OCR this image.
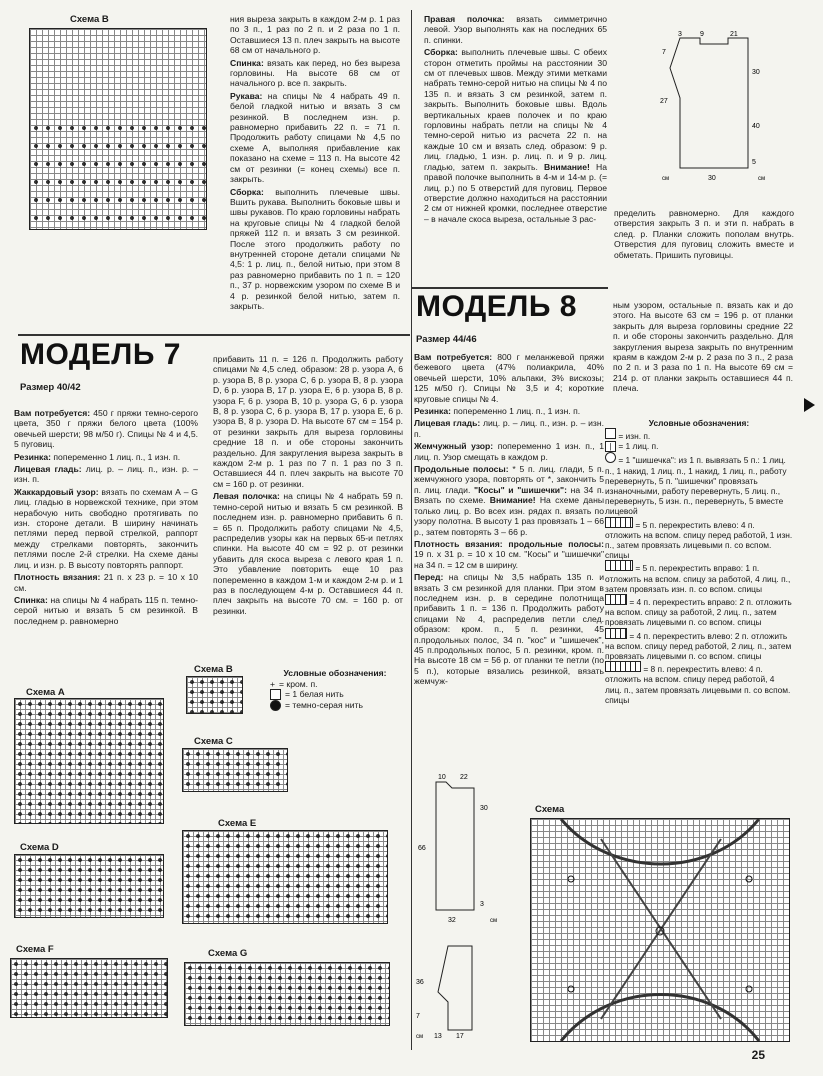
Схема B	ния выреза закрыть в каждом 2-м р. 1 раз по 3 п., 1 раз по 2 п. и 2 раза по 1 п. Оставшиеся 13 п. плеч закрыть на высоте 68 см от начального р.

Спинка: вязать как перед, но без выреза горловины. На высоте 68 см от начального р. все п. закрыть.

Рукава: на спицы № 4 набрать 49 п. белой гладкой нитью и вязать 3 см резинкой. В последнем изн. р. равномерно прибавить 22 п. = 71 п. Продолжить работу спицами № 4,5 по схеме А, выполняя прибавление как показано на схеме = 113 п. На высоте 42 см от резинки (= конец схемы) все п. закрыть.

Сборка: выполнить плечевые швы. Вшить рукава. Выполнить боковые швы и швы рукавов. По краю горловины набрать на круговые спицы № 4 гладкой белой пряжей 112 п. и вязать 3 см резинкой. После этого продолжить работу по внутренней стороне детали спицами № 4,5: 1 р. лиц. п., белой нитью, при этом 8 раз равномерно прибавить по 1 п. = 120 п., 37 р. норвежским узором по схеме В и 4 р. резинкой белой нитью, затем п. закрыть.

Правая полочка: вязать симметрично левой. Узор выполнять как на последних 65 п. спинки.

Сборка: выполнить плечевые швы. С обеих сторон отметить проймы на расстоянии 30 см от плечевых швов. Между этими метками набрать темно-серой нитью на спицы № 4 по 135 п. и вязать 3 см резинкой, затем п. закрыть. Выполнить боковые швы. Вдоль вертикальных краев полочек и по краю горловины набрать петли на спицы № 4 темно-серой нитью из расчета 22 п. на каждые 10 см и вязать след. образом: 9 р. лиц. гладью, 1 изн. р. лиц. п. и 9 р. лиц. гладью, затем п. закрыть. Внимание! На правой полочке выполнить в 4-м и 14-м р. (= лиц. р.) по 5 отверстий для пуговиц. Первое отверстие должно находиться на расстоянии 2 см от нижней кромки, последнее отверстие – в начале скоса выреза, остальные 3 рас-

3	9	21
7
27
30
40
5
30
см	см
пределить равномерно. Для каждого отверстия закрыть 3 п. и эти п. набрать в след. р. Планки сложить пополам внутрь. Отверстия для пуговиц сложить вместе и обметать. Пришить пуговицы.
МОДЕЛЬ 7
Размер 40/42

Вам потребуется: 450 г пряжи темно-серого цвета, 350 г пряжи белого цвета (100% овечьей шерсти; 98 м/50 г). Спицы № 4 и 4,5. 5 пуговиц.

Резинка: попеременно 1 лиц. п., 1 изн. п.

Лицевая гладь: лиц. р. – лиц. п., изн. р. – изн. п.

Жаккардовый узор: вязать по схемам А – G лиц. гладью в норвежской технике, при этом нерабочую нить свободно протягивать по изн. стороне детали. В ширину начинать петлями перед первой стрелкой, раппорт между стрелками повторять, закончить петлями после 2-й стрелки. На схеме даны лиц. и изн. р. В высоту повторять раппорт.

Плотность вязания: 21 п. x 23 р. = 10 x 10 см.

Спинка: на спицы № 4 набрать 115 п. темно-серой нитью и вязать 5 см резинкой. В последнем р. равномерно

прибавить 11 п. = 126 п. Продолжить работу спицами № 4,5 след. образом: 28 р. узора А, 6 р. узора В, 8 р. узора С, 6 р. узора В, 8 р. узора D, 6 р. узора В, 17 р. узора Е, 6 р. узора В, 8 р. узора F, 6 р. узора В, 10 р. узора G, 6 р. узора В, 8 р. узора С, 6 р. узора В, 17 р. узора Е, 6 р. узора В, 8 р. узора D. На высоте 67 см = 154 р. от резинки закрыть для выреза горловины средние 18 п. и обе стороны закончить раздельно. Для закругления выреза закрыть в каждом 2-м р. 1 раз по 7 п. 1 раз по 3 п. Оставшиеся 44 п. плеч закрыть на высоте 70 см = 160 р. от резинки.

Левая полочка: на спицы № 4 набрать 59 п. темно-серой нитью и вязать 5 см резинкой. В последнем изн. р. равномерно прибавить 6 п. = 65 п. Продолжить работу спицами № 4,5, распределив узоры как на первых 65-и петлях спинки. На высоте 40 см = 92 р. от резинки убавить для скоса выреза с левого края 1 п. Это убавление повторить еще 10 раз попеременно в каждом 1-м и каждом 2-м р. и 1 раз в последующем 4-м р. Оставшиеся 44 п. плеч закрыть на высоте 70 см. = 160 р. от резинки.

Схема А
Схема В
Схема С
Схема D
Схема E
Схема F	Схема G
Условные обозначения:
+ = кром. п.
= 1 белая нить
= темно-серая нить
МОДЕЛЬ 8
Размер 44/46

Вам потребуется: 800 г меланжевой пряжи бежевого цвета (47% полиакрила, 40% овечьей шерсти, 10% альпаки, 3% вискозы; 125 м/50 г). Спицы № 3,5 и 4; короткие круговые спицы № 4.

Резинка: попеременно 1 лиц. п., 1 изн. п.

Лицевая гладь: лиц. р. – лиц. п., изн. р. – изн. п.

Жемчужный узор: попеременно 1 изн. п., 1 лиц. п. Узор смещать в каждом р.

Продольные полосы: * 5 п. лиц. глади, 5 п. жемчужного узора, повторять от *, закончить 5 п. лиц. глади. "Косы" и "шишечки": на 34 п. Вязать по схеме. Внимание! На схеме даны только лиц. р. Во всех изн. рядах п. вязать по узору полотна. В высоту 1 раз провязать 1 – 66 р., затем повторять 3 – 66 р.

Плотность вязания: продольные полосы: 19 п. x 31 р. = 10 x 10 см. "Косы" и "шишечки" на 34 п. = 12 см в ширину.

Перед: на спицы № 3,5 набрать 135 п. и вязать 3 см резинкой для планки. При этом в последнем изн. р. в середине полотнища прибавить 1 п. = 136 п. Продолжить работу спицами № 4, распределив петли след. образом: кром. п., 5 п. резинки, 45 п.продольных полос, 34 п. "кос" и "шишечек", 45 п.продольных полос, 5 п. резинки, кром. п. На высоте 18 см = 56 р. от планки те петли (по 5 п.), которые вязались резинкой, вязать жемчуж-

ным узором, остальные п. вязать как и до этого. На высоте 63 см = 196 р. от планки закрыть для выреза горловины средние 22 п. и обе стороны закончить раздельно. Для закругления выреза закрыть по внутренним краям в каждом 2-м р. 2 раза по 3 п., 2 раза по 2 п. и 3 раза по 1 п. На высоте 69 см = 214 р. от планки закрыть оставшиеся 44 п. плеча.
Условные обозначения:
= изн. п.
| = 1 лиц. п.
= 1 "шишечка": из 1 п. вывязать 5 п.: 1 лиц. п., 1 накид, 1 лиц. п., 1 накид, 1 лиц. п., работу перевернуть, 5 п. "шишечки" провязать изнаночными, работу перевернуть, 5 лиц. п., перевернуть, 5 изн. п., перевернуть, 5 вместе лицевой
= 5 п. перекрестить влево: 4 п. отложить на вспом. спицу перед работой, 1 изн. п., затем провязать лицевыми п. со вспом. спицы
= 5 п. перекрестить вправо: 1 п. отложить на вспом. спицу за работой, 4 лиц. п., затем провязать изн. п. со вспом. спицы
= 4 п. перекрестить вправо: 2 п. отложить на вспом. спицу за работой, 2 лиц. п., затем провязать лицевыми п. со вспом. спицы
= 4 п. перекрестить влево: 2 п. отложить на вспом. спицу перед работой, 2 лиц. п., затем провязать лицевыми п. со вспом. спицы
= 8 п. перекрестить влево: 4 п. отложить на вспом. спицу перед работой, 4 лиц. п., затем провязать лицевыми п. со вспом. спицы
10 22
30
66
3
32	см
36
7
13 17
см
Схема
25
